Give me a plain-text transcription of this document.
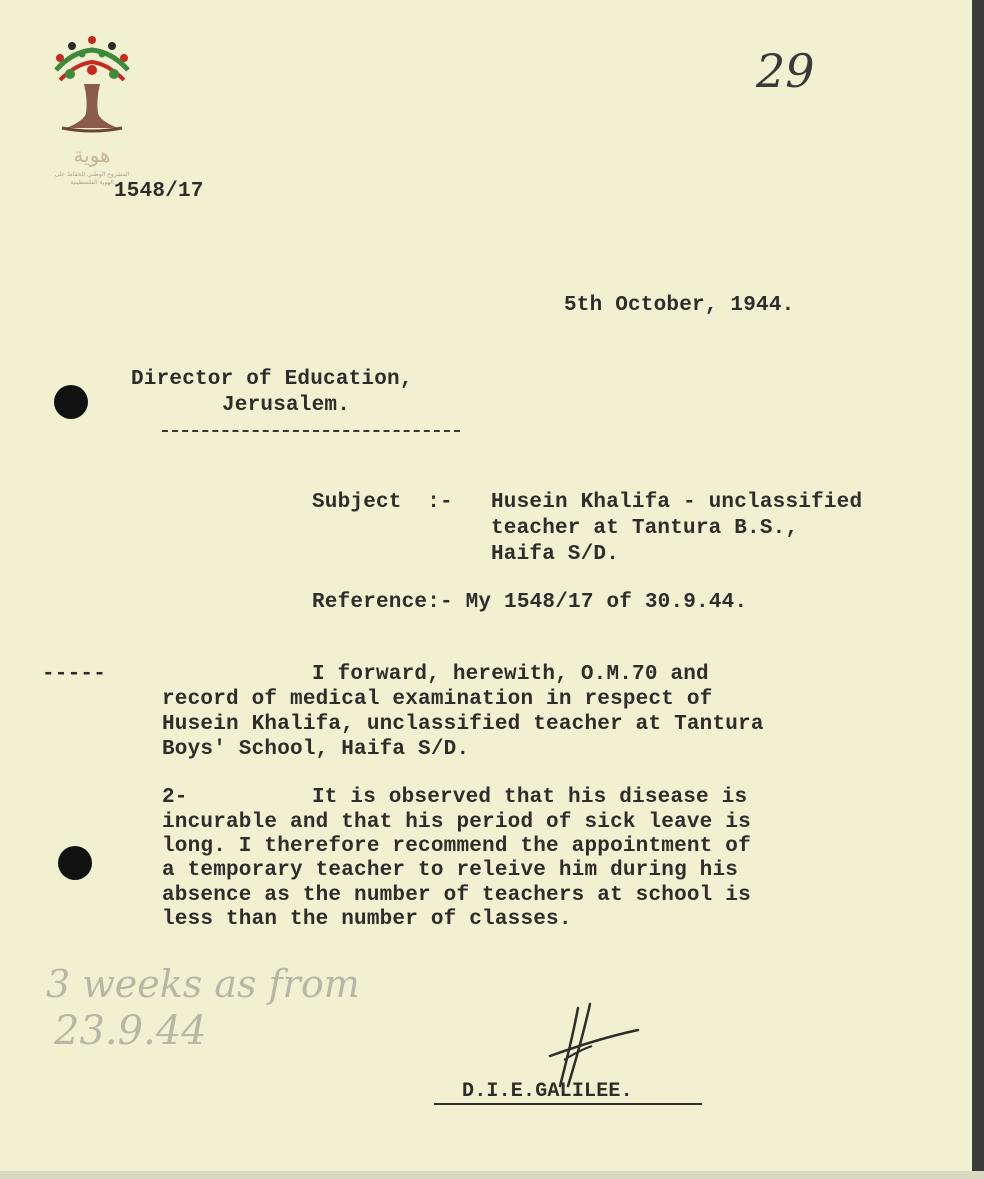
هوية
المشروع الوطني للحفاظ على
الهوية الفلسطينية
29
1548/17
5th October, 1944.
Director of Education,
Jerusalem.
Subject  :- Husein Khalifa - unclassified
teacher at Tantura B.S.,
Haifa S/D.
Reference:- My 1548/17 of 30.9.44.
-----	I forward, herewith, O.M.70 and
record of medical examination in respect of
Husein Khalifa, unclassified teacher at Tantura
Boys' School, Haifa S/D.
2-	It is observed that his disease is
incurable and that his period of sick leave is
long. I therefore recommend the appointment of
a temporary teacher to releive him during his
absence as the number of teachers at school is
less than the number of classes.
3 weeks as from
23.9.44
D.I.E.GALILEE.
